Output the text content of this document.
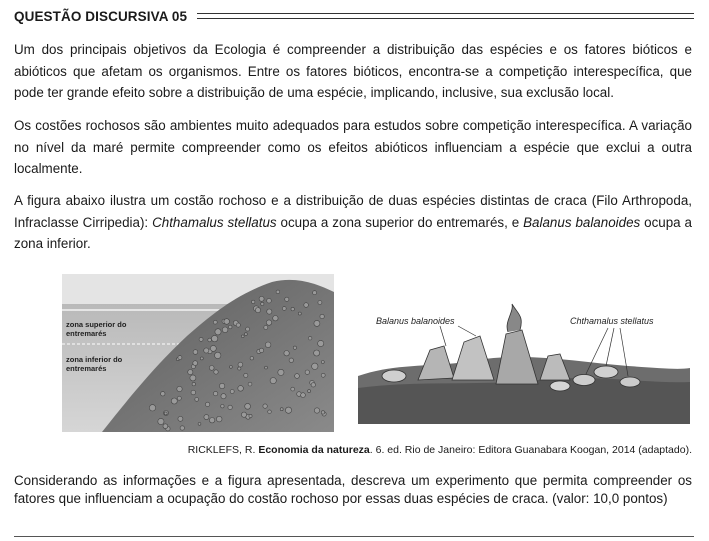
QUESTÃO DISCURSIVA 05

Um dos principais objetivos da Ecologia é compreender a distribuição das espécies e os fatores bióticos e abióticos que afetam os organismos. Entre os fatores bióticos, encontra-se a competição interespecífica, que pode ter grande efeito sobre a distribuição de uma espécie, implicando, inclusive, sua exclusão local.

Os costões rochosos são ambientes muito adequados para estudos sobre competição interespecífica. A variação no nível da maré permite compreender como os efeitos abióticos influenciam a espécie que exclui a outra localmente.

A figura abaixo ilustra um costão rochoso e a distribuição de duas espécies distintas de craca (Filo Arthropoda, Infraclasse Cirripedia): Chthamalus stellatus ocupa a zona superior do entremarés, e Balanus balanoides ocupa a zona inferior.

zona superior do
entremarés
zona inferior do
entremarés
Balanus balanoides	Chthamalus stellatus
RICKLEFS, R. Economia da natureza. 6. ed. Rio de Janeiro: Editora Guanabara Koogan, 2014 (adaptado).

Considerando as informações e a figura apresentada, descreva um experimento que permita compreender os fatores que influenciam a ocupação do costão rochoso por essas duas espécies de craca. (valor: 10,0 pontos)
